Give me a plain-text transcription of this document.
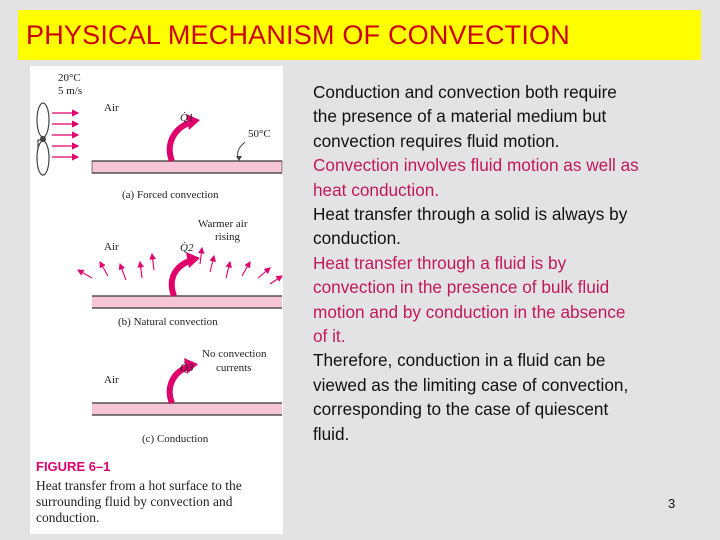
PHYSICAL MECHANISM OF CONVECTION
20°C
5 m/s
Air
Q̇1
50°C
(a) Forced convection
Warmer air
rising
Air	Q̇2
(b) Natural convection
No convection
currents
Air
Q̇3
(c) Conduction
FIGURE 6–1
Heat transfer from a hot surface to the surrounding fluid by convection and conduction.

Conduction and convection both require the presence of a material medium but convection requires fluid motion.

Convection involves fluid motion as well as heat conduction.

Heat transfer through a solid is always by conduction.

Heat transfer through a fluid is by convection in the presence of bulk fluid motion and by conduction in the absence of it.

Therefore, conduction in a fluid can be viewed as the limiting case of convection, corresponding to the case of quiescent fluid.

3
